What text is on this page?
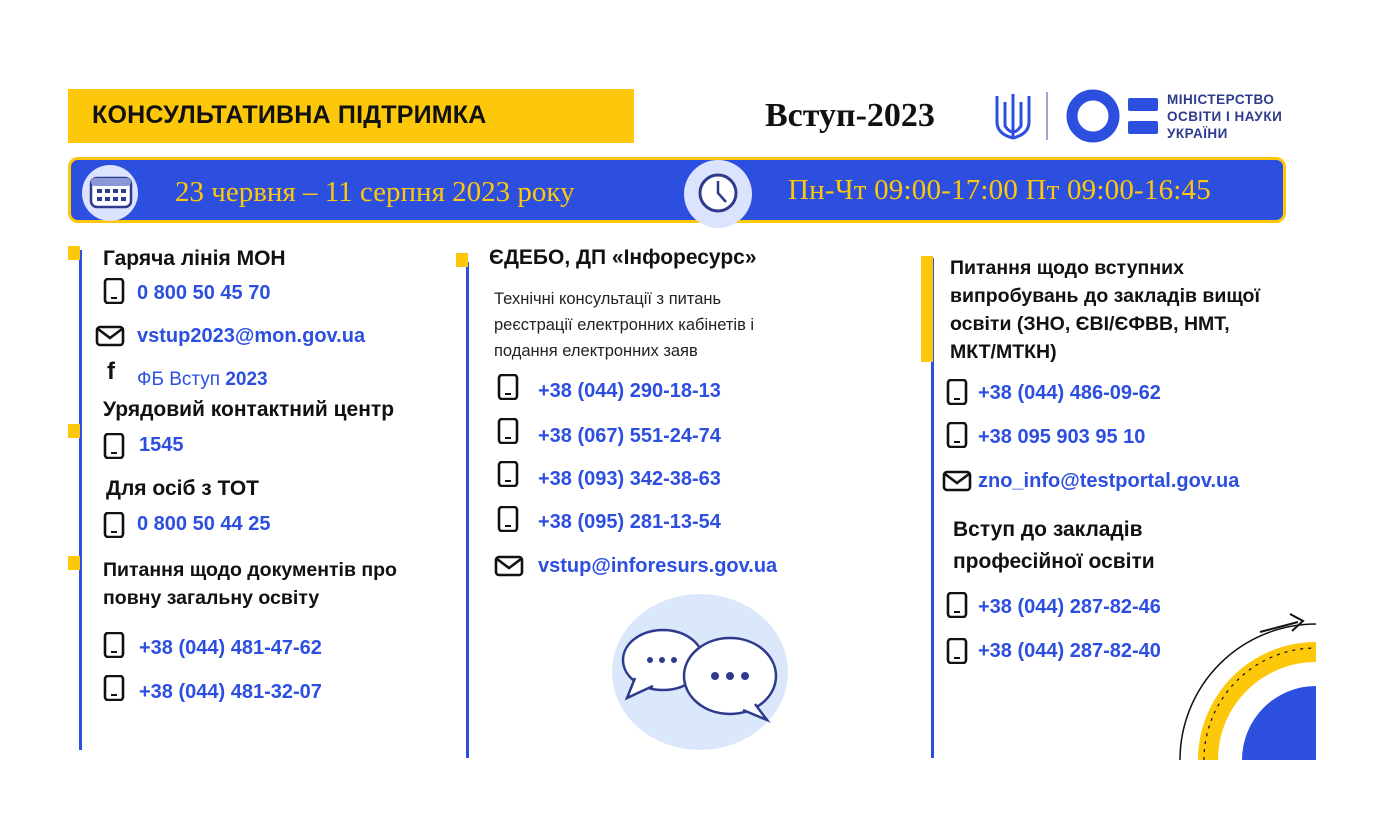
КОНСУЛЬТАТИВНА ПІДТРИМКА	Вступ-2023	МІНІСТЕРСТВО
ОСВІТИ І НАУКИ
УКРАЇНИ
23 червня – 11 серпня 2023 року	Пн-Чт 09:00-17:00 Пт 09:00-16:45
Гаряча лінія МОН
0 800 50 45 70
vstup2023@mon.gov.ua
f ФБ Вступ 2023
Урядовий контактний центр
1545
Для осіб з ТОТ
0 800 50 44 25
Питання щодо документів про
повну загальну освіту
+38 (044) 481-47-62
+38 (044) 481-32-07
ЄДЕБО, ДП «Інфоресурс»
Технічні консультації з питань
реєстрації електронних кабінетів і
подання електронних заяв
+38 (044) 290-18-13
+38 (067) 551-24-74
+38 (093) 342-38-63
+38 (095) 281-13-54
vstup@inforesurs.gov.ua
Питання щодо вступних
випробувань до закладів вищої
освіти (ЗНО, ЄВІ/ЄФВВ, НМТ,
МКТ/МТКН)
+38 (044) 486-09-62
+38 095 903 95 10
zno_info@testportal.gov.ua
Вступ до закладів
професійної освіти
+38 (044) 287-82-46
+38 (044) 287-82-40
